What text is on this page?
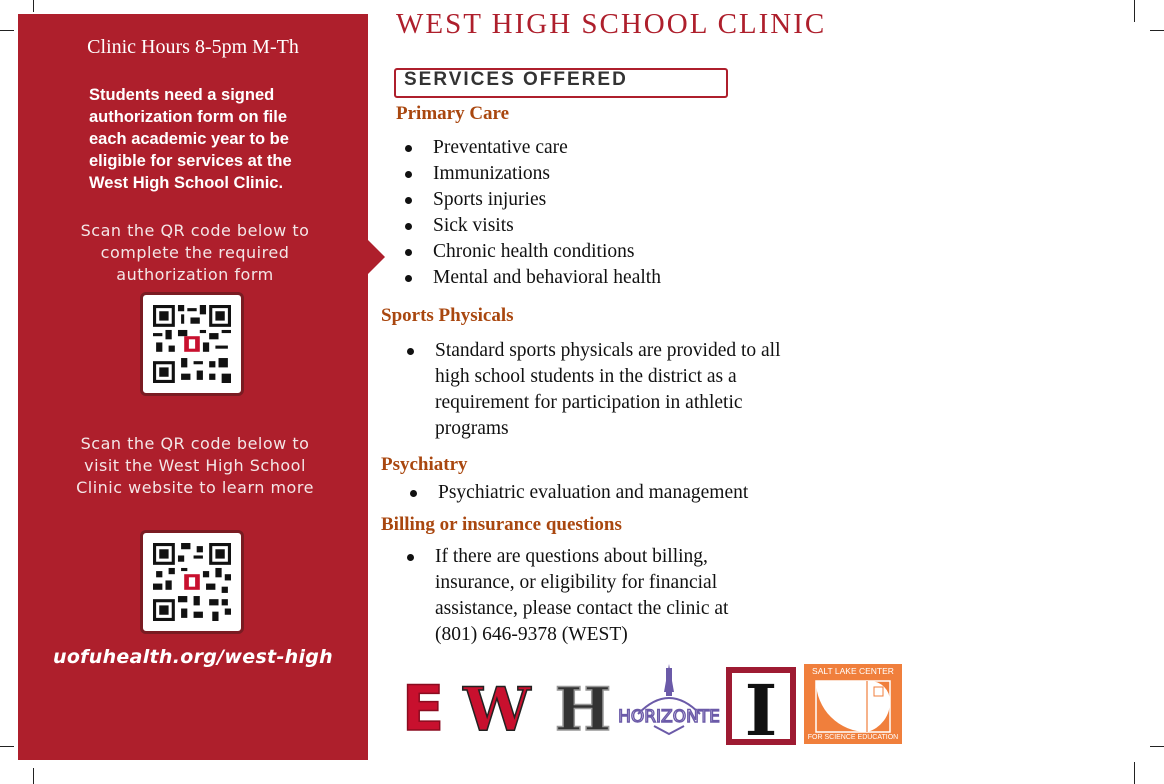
Clinic Hours 8-5pm M-Th
Students need a signed authorization form on file each academic year to be eligible for services at the West High School Clinic.
Scan the QR code below to complete the required authorization form
Scan the QR code below to visit the West High School Clinic website to learn more
uofuhealth.org/west-high
WEST HIGH SCHOOL CLINIC
SERVICES OFFERED
Primary Care
Preventative care
Immunizations
Sports injuries
Sick visits
Chronic health conditions
Mental and behavioral health
Sports Physicals
Standard sports physicals are provided to all high school students in the district as a requirement for participation in athletic programs
Psychiatry
Psychiatric evaluation and management
Billing or insurance questions
If there are questions about billing, insurance, or eligibility for financial assistance, please contact the clinic at (801) 646-9378 (WEST)
E W H HORIZONTE I	SALT LAKE CENTER
FOR SCIENCE EDUCATION
